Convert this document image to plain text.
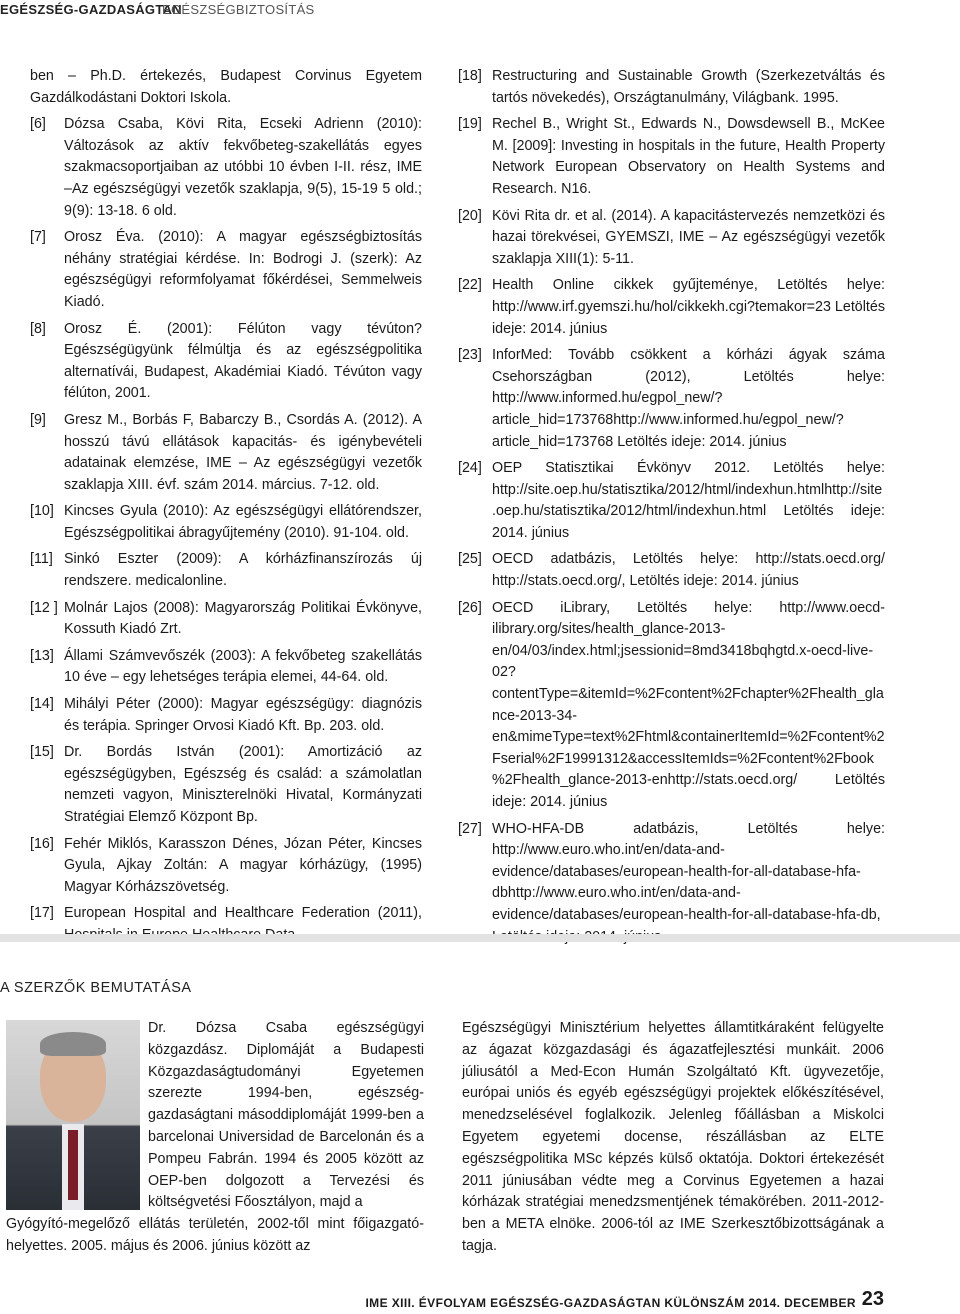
EGÉSZSÉG-GAZDASÁGTAN
EGÉSZSÉGBIZTOSÍTÁS
ben – Ph.D. értekezés, Budapest Corvinus Egyetem Gazdálkodástani Doktori Iskola.
[6]	Dózsa Csaba, Kövi Rita, Ecseki Adrienn (2010): Változások az aktív fekvőbeteg-szakellátás egyes szakmacsoportjaiban az utóbbi 10 évben I-II. rész, IME –Az egészségügyi vezetők szaklapja, 9(5), 15-19 5 old.; 9(9): 13-18. 6 old.
[7]	Orosz Éva. (2010): A magyar egészségbiztosítás néhány stratégiai kérdése. In: Bodrogi J. (szerk): Az egészségügyi reformfolyamat főkérdései, Semmelweis Kiadó.
[8]	Orosz É. (2001): Félúton vagy tévúton? Egészségügyünk félmúltja és az egészségpolitika alternatívái, Budapest, Akadémiai Kiadó. Tévúton vagy félúton, 2001.
[9]	Gresz M., Borbás F, Babarczy B., Csordás A. (2012). A hosszú távú ellátások kapacitás- és igénybevételi adatainak elemzése, IME – Az egészségügyi vezetők szaklapja XIII. évf. szám 2014. március. 7-12. old.
[10] Kincses Gyula (2010): Az egészségügyi ellátórendszer, Egészségpolitikai ábragyűjtemény (2010). 91-104. old.
[11] Sinkó Eszter (2009): A kórházfinanszírozás új rendszere. medicalonline.
[12 ] Molnár Lajos (2008): Magyarország Politikai Évkönyve, Kossuth Kiadó Zrt.
[13] Állami Számvevőszék (2003): A fekvőbeteg szakellátás 10 éve – egy lehetséges terápia elemei, 44-64. old.
[14] Mihályi Péter (2000): Magyar egészségügy: diagnózis és terápia. Springer Orvosi Kiadó Kft. Bp. 203. old.
[15] Dr. Bordás István (2001): Amortizáció az egészségügyben, Egészség és család: a számolatlan nemzeti vagyon, Miniszterelnöki Hivatal, Kormányzati Stratégiai Elemző Központ Bp.
[16] Fehér Miklós, Karasszon Dénes, Józan Péter, Kincses Gyula, Ajkay Zoltán: A magyar kórházügy, (1995) Magyar Kórházszövetség.
[17] European Hospital and Healthcare Federation (2011),
[18] Restructuring and Sustainable Growth (Szerkezetváltás és tartós növekedés), Országtanulmány, Világbank. 1995.
[19] Rechel B., Wright St., Edwards N., Dowsdewsell B., McKee M. [2009]: Investing in hospitals in the future, Health Property Network European Observatory on Health Systems and Research. N16.
[20] Kövi Rita dr. et al. (2014). A kapacitástervezés nemzetközi és hazai törekvései, GYEMSZI, IME – Az egészségügyi vezetők szaklapja XIII(1): 5-11.
[22] Health Online cikkek gyűjteménye, Letöltés helye: http://www.irf.gyemszi.hu/hol/cikkekh.cgi?temakor=23 Letöltés ideje: 2014. június
[23] InforMed: Tovább csökkent a kórházi ágyak száma Csehországban (2012), Letöltés helye: http://www.informed.hu/egpol_new/?article_hid=173768http://www.informed.hu/egpol_new/?article_hid=173768 Letöltés ideje: 2014. június
[24] OEP Statisztikai Évkönyv 2012. Letöltés helye: http://site.oep.hu/statisztika/2012/html/indexhun.htmlhttp://site.oep.hu/statisztika/2012/html/indexhun.html Letöltés ideje: 2014. június
[25] OECD adatbázis, Letöltés helye: http://stats.oecd.org/ http://stats.oecd.org/, Letöltés ideje: 2014. június
[26] OECD iLibrary, Letöltés helye: http://www.oecd-ilibrary.org/sites/health_glance-2013-en/04/03/index.html;jsessionid=8md3418bqhgtd.x-oecd-live-02?contentType=&itemId=%2Fcontent%2Fchapter%2Fhealth_glance-2013-34-en&mimeType=text%2Fhtml&containerItemId=%2Fcontent%2Fserial%2F19991312&accessItemIds=%2Fcontent%2Fbook%2Fhealth_glance-2013-enhttp://stats.oecd.org/ Letöltés ideje: 2014. június
[27] WHO-HFA-DB adatbázis, Letöltés helye: http://www.euro.who.int/en/data-and-evidence/databases/european-health-for-all-database-hfa-dbhttp://www.euro.who.int/en/data-and-evidence/databases/european-health-for-all-database-hfa-db,
A SZERZŐK BEMUTATÁSA
Dr. Dózsa Csaba egészségügyi közgazdász. Diplomáját a Budapesti Közgazdaságtudományi Egyetemen szerezte 1994-ben, egészség-gazdaságtani másoddiplomáját 1999-ben a barcelonai Universidad de Barcelonán és a Pompeu Fabrán. 1994 és 2005 között az OEP-ben dolgozott a Tervezési és költségvetési Főosztályon, majd a
Gyógyító-megelőző ellátás területén, 2002-től mint főigazgató-helyettes. 2005. május és 2006. június között az
Egészségügyi Minisztérium helyettes államtitkáraként felügyelte az ágazat közgazdasági és ágazatfejlesztési munkáit. 2006 júliusától a Med-Econ Humán Szolgáltató Kft. ügyvezetője, európai uniós és egyéb egészségügyi projektek előkészítésével, menedzselésével foglalkozik. Jelenleg főállásban a Miskolci Egyetem egyetemi docense, részállásban az ELTE egészségpolitika MSc képzés külső oktatója. Doktori értekezését 2011 júniusában védte meg a Corvinus Egyetemen a hazai kórházak stratégiai menedzsmentjének témakörében. 2011-2012-ben a META elnöke. 2006-tól az IME Szerkesztőbizottságának a tagja.
IME XIII. ÉVFOLYAM EGÉSZSÉG-GAZDASÁGTAN KÜLÖNSZÁM 2014. DECEMBER 23
